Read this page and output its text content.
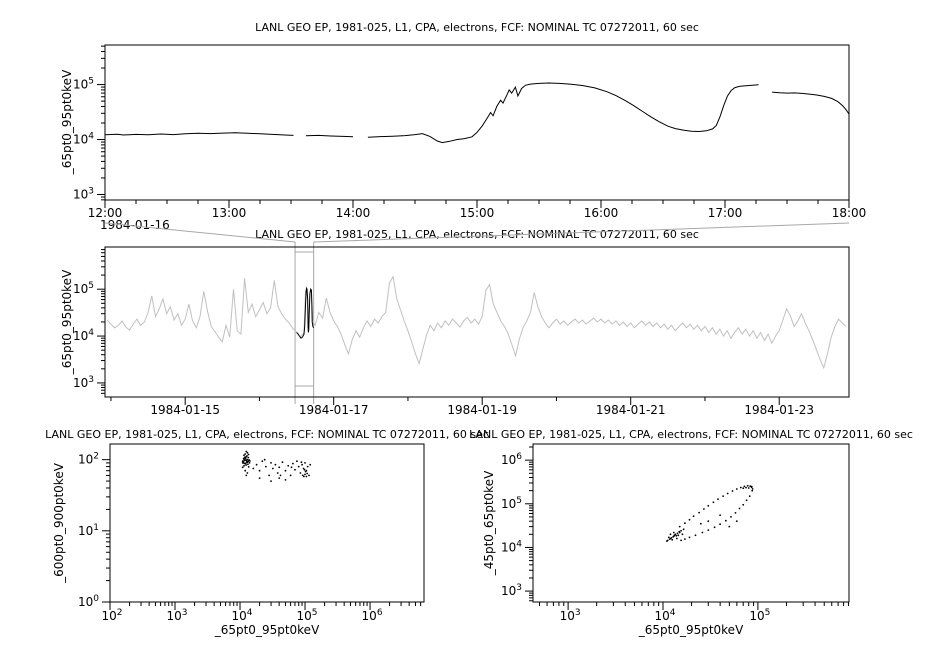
LANL GEO EP, 1981-025, L1, CPA, electrons, FCF: NOMINAL TC 07272011, 60 sec
LANL GEO EP, 1981-025, L1, CPA, electrons, FCF: NOMINAL TC 07272011, 60 sec
LANL GEO EP, 1981-025, L1, CPA, electrons, FCF: NOMINAL TC 07272011, 60 sec
LANL GEO EP, 1981-025, L1, CPA, electrons, FCF: NOMINAL TC 07272011, 60 sec
_65pt0_95pt0keV
_65pt0_95pt0keV
_600pt0_900pt0keV	_45pt0_65pt0keV
1984-01-16
_65pt0_95pt0keV	_65pt0_95pt0keV
$10^3$
$10^4$
$10^5$
12:00	13:00	14:00	15:00	16:00	17:00	18:00
$10^3$
$10^4$
$10^5$
1984-01-15	1984-01-17	1984-01-19	1984-01-21	1984-01-23
$10^0$
$10^1$
$10^2$
$10^2$	$10^3$	$10^4$	$10^5$	$10^6$
$10^3$
$10^4$
$10^5$
$10^6$
$10^3$	$10^4$	$10^5$
